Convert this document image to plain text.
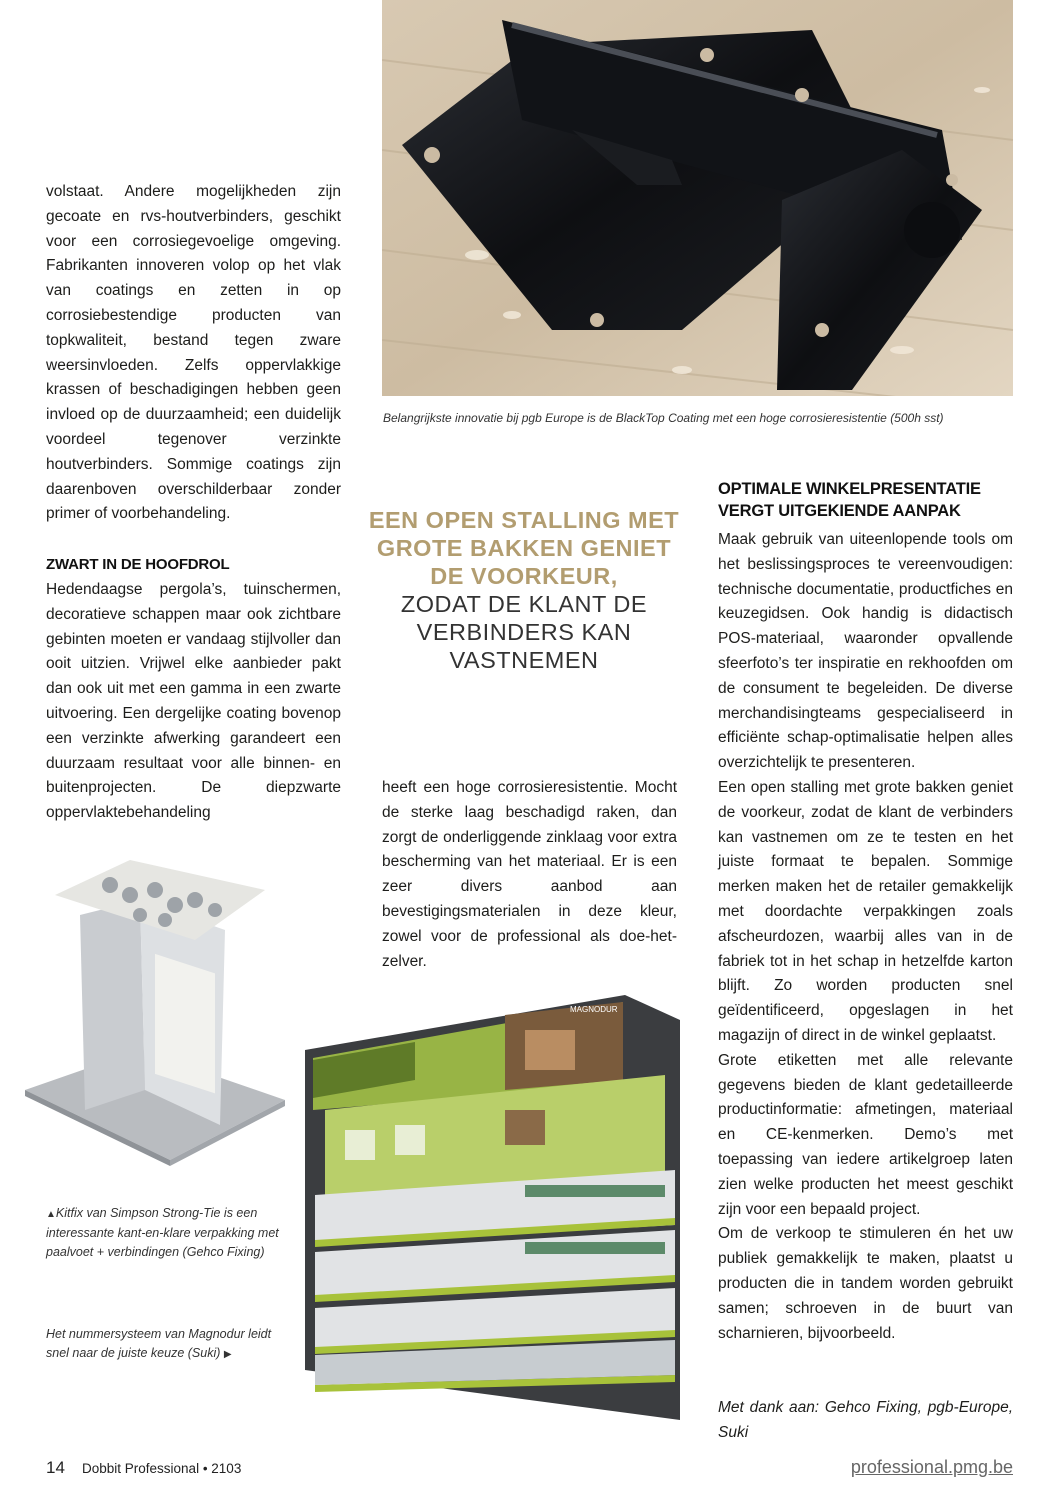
Belangrijkste innovatie bij pgb Europe is de BlackTop Coating met een hoge corrosieresistentie (500h sst)

volstaat. Andere mogelijkheden zijn gecoate en rvs-houtverbinders, geschikt voor een corrosiegevoelige omgeving. Fabrikanten innoveren volop op het vlak van coatings en zetten in op corrosiebestendige producten van topkwaliteit, bestand tegen zware weersinvloeden. Zelfs oppervlakkige krassen of beschadigingen hebben geen invloed op de duurzaamheid; een duidelijk voordeel tegenover verzinkte houtverbinders. Sommige coatings zijn daarenboven overschilderbaar zonder primer of voorbehandeling.

ZWART IN DE HOOFDROL

Hedendaagse pergola’s, tuinschermen, decoratieve schappen maar ook zichtbare gebinten moeten er vandaag stijlvoller dan ooit uitzien. Vrijwel elke aanbieder pakt dan ook uit met een gamma in een zwarte uitvoering. Een dergelijke coating bovenop een verzinkte afwerking garandeert een duurzaam resultaat voor alle binnen- en buitenprojecten. De diepzwarte oppervlaktebehandeling

▲Kitfix van Simpson Strong-Tie is een interessante kant-en-klare verpakking met paalvoet + verbindingen (Gehco Fixing)

Het nummersysteem van Magnodur leidt snel naar de juiste keuze (Suki) ▶

EEN OPEN STALLING MET GROTE BAKKEN GENIET DE VOORKEUR,
ZODAT DE KLANT DE VERBINDERS KAN VASTNEMEN

heeft een hoge corrosieresistentie. Mocht de sterke laag beschadigd raken, dan zorgt de onderliggende zinklaag voor extra bescherming van het materiaal. Er is een zeer divers aanbod aan bevestigingsmaterialen in deze kleur, zowel voor de professional als doe-het-zelver.

MAGNODUR
OPTIMALE WINKELPRESENTATIE VERGT UITGEKIENDE AANPAK

Maak gebruik van uiteenlopende tools om het beslissingsproces te vereenvoudigen: technische documentatie, productfiches en keuzegidsen. Ook handig is didactisch POS-materiaal, waaronder opvallende sfeerfoto’s ter inspiratie en rekhoofden om de consument te begeleiden. De diverse merchandisingteams gespecialiseerd in efficiënte schap-optimalisatie helpen alles overzichtelijk te presenteren.

Een open stalling met grote bakken geniet de voorkeur, zodat de klant de verbinders kan vastnemen om ze te testen en het juiste formaat te bepalen. Sommige merken maken het de retailer gemakkelijk met doordachte verpakkingen zoals afscheurdozen, waarbij alles van in de fabriek tot in het schap in hetzelfde karton blijft. Zo worden producten snel geïdentificeerd, opgeslagen in het magazijn of direct in de winkel geplaatst.

Grote etiketten met alle relevante gegevens bieden de klant gedetailleerde productinformatie: afmetingen, materiaal en CE-kenmerken. Demo’s met toepassing van iedere artikelgroep laten zien welke producten het meest geschikt zijn voor een bepaald project.

Om de verkoop te stimuleren én het uw publiek gemakkelijk te maken, plaatst u producten die in tandem worden gebruikt samen; schroeven in de buurt van scharnieren, bijvoorbeeld.

Met dank aan: Gehco Fixing, pgb-Europe, Suki

14 Dobbit Professional • 2103	professional.pmg.be
